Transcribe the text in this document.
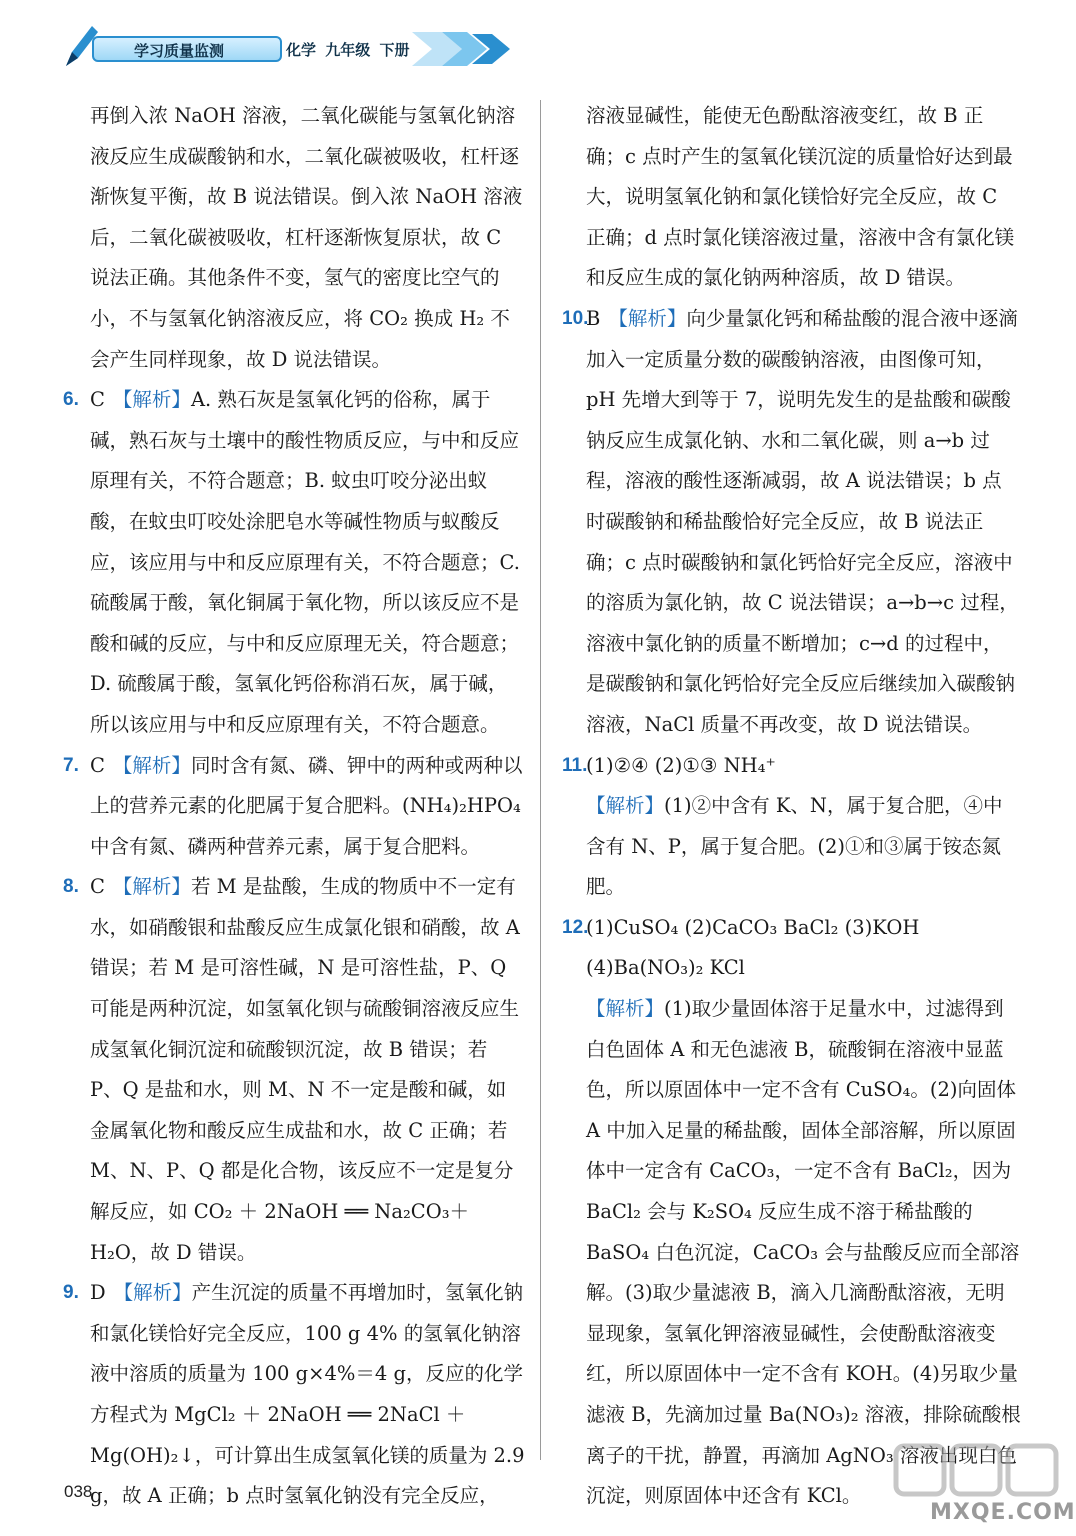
学习质量监测	化学 九年级 下册

再倒入浓 NaOH 溶液，二氧化碳能与氢氧化钠溶液反应生成碳酸钠和水，二氧化碳被吸收，杠杆逐渐恢复平衡，故 B 说法错误。倒入浓 NaOH 溶液后，二氧化碳被吸收，杠杆逐渐恢复原状，故 C 说法正确。其他条件不变，氢气的密度比空气的小，不与氢氧化钠溶液反应，将 CO₂ 换成 H₂ 不会产生同样现象，故 D 说法错误。

6. C 【解析】A. 熟石灰是氢氧化钙的俗称，属于碱，熟石灰与土壤中的酸性物质反应，与中和反应原理有关，不符合题意；B. 蚊虫叮咬分泌出蚁酸，在蚊虫叮咬处涂肥皂水等碱性物质与蚁酸反应，该应用与中和反应原理有关，不符合题意；C. 硫酸属于酸，氧化铜属于氧化物，所以该反应不是酸和碱的反应，与中和反应原理无关，符合题意；D. 硫酸属于酸，氢氧化钙俗称消石灰，属于碱，所以该应用与中和反应原理有关，不符合题意。

7. C 【解析】同时含有氮、磷、钾中的两种或两种以上的营养元素的化肥属于复合肥料。(NH₄)₂HPO₄ 中含有氮、磷两种营养元素，属于复合肥料。

8. C 【解析】若 M 是盐酸，生成的物质中不一定有水，如硝酸银和盐酸反应生成氯化银和硝酸，故 A 错误；若 M 是可溶性碱，N 是可溶性盐，P、Q 可能是两种沉淀，如氢氧化钡与硫酸铜溶液反应生成氢氧化铜沉淀和硫酸钡沉淀，故 B 错误；若 P、Q 是盐和水，则 M、N 不一定是酸和碱，如金属氧化物和酸反应生成盐和水，故 C 正确；若 M、N、P、Q 都是化合物，该反应不一定是复分解反应，如 CO₂ ＋ 2NaOH ══ Na₂CO₃＋H₂O，故 D 错误。

9. D 【解析】产生沉淀的质量不再增加时，氢氧化钠和氯化镁恰好完全反应，100 g 4% 的氢氧化钠溶液中溶质的质量为 100 g×4%＝4 g，反应的化学方程式为 MgCl₂ ＋ 2NaOH ══ 2NaCl ＋ Mg(OH)₂↓，可计算出生成氢氧化镁的质量为 2.9 g，故 A 正确；b 点时氢氧化钠没有完全反应，

溶液显碱性，能使无色酚酞溶液变红，故 B 正确；c 点时产生的氢氧化镁沉淀的质量恰好达到最大，说明氢氧化钠和氯化镁恰好完全反应，故 C 正确；d 点时氯化镁溶液过量，溶液中含有氯化镁和反应生成的氯化钠两种溶质，故 D 错误。

10.
B 【解析】向少量氯化钙和稀盐酸的混合液中逐滴加入一定质量分数的碳酸钠溶液，由图像可知，pH 先增大到等于 7，说明先发生的是盐酸和碳酸钠反应生成氯化钠、水和二氧化碳，则 a→b 过程，溶液的酸性逐渐减弱，故 A 说法错误；b 点时碳酸钠和稀盐酸恰好完全反应，故 B 说法正确；c 点时碳酸钠和氯化钙恰好完全反应，溶液中的溶质为氯化钠，故 C 说法错误；a→b→c 过程，溶液中氯化钠的质量不断增加；c→d 的过程中，是碳酸钠和氯化钙恰好完全反应后继续加入碳酸钠溶液，NaCl 质量不再改变，故 D 说法错误。

11.
(1)②④ (2)①③ NH₄⁺

【解析】(1)②中含有 K、N，属于复合肥，④中含有 N、P，属于复合肥。(2)①和③属于铵态氮肥。

12.
(1)CuSO₄ (2)CaCO₃ BaCl₂ (3)KOH

(4)Ba(NO₃)₂ KCl

【解析】(1)取少量固体溶于足量水中，过滤得到白色固体 A 和无色滤液 B，硫酸铜在溶液中显蓝色，所以原固体中一定不含有 CuSO₄。(2)向固体 A 中加入足量的稀盐酸，固体全部溶解，所以原固体中一定含有 CaCO₃，一定不含有 BaCl₂，因为 BaCl₂ 会与 K₂SO₄ 反应生成不溶于稀盐酸的 BaSO₄ 白色沉淀，CaCO₃ 会与盐酸反应而全部溶解。(3)取少量滤液 B，滴入几滴酚酞溶液，无明显现象，氢氧化钾溶液显碱性，会使酚酞溶液变红，所以原固体中一定不含有 KOH。(4)另取少量滤液 B，先滴加过量 Ba(NO₃)₂ 溶液，排除硫酸根离子的干扰，静置，再滴加 AgNO₃ 溶液出现白色沉淀，则原固体中还含有 KCl。

038
MXQE.COM
